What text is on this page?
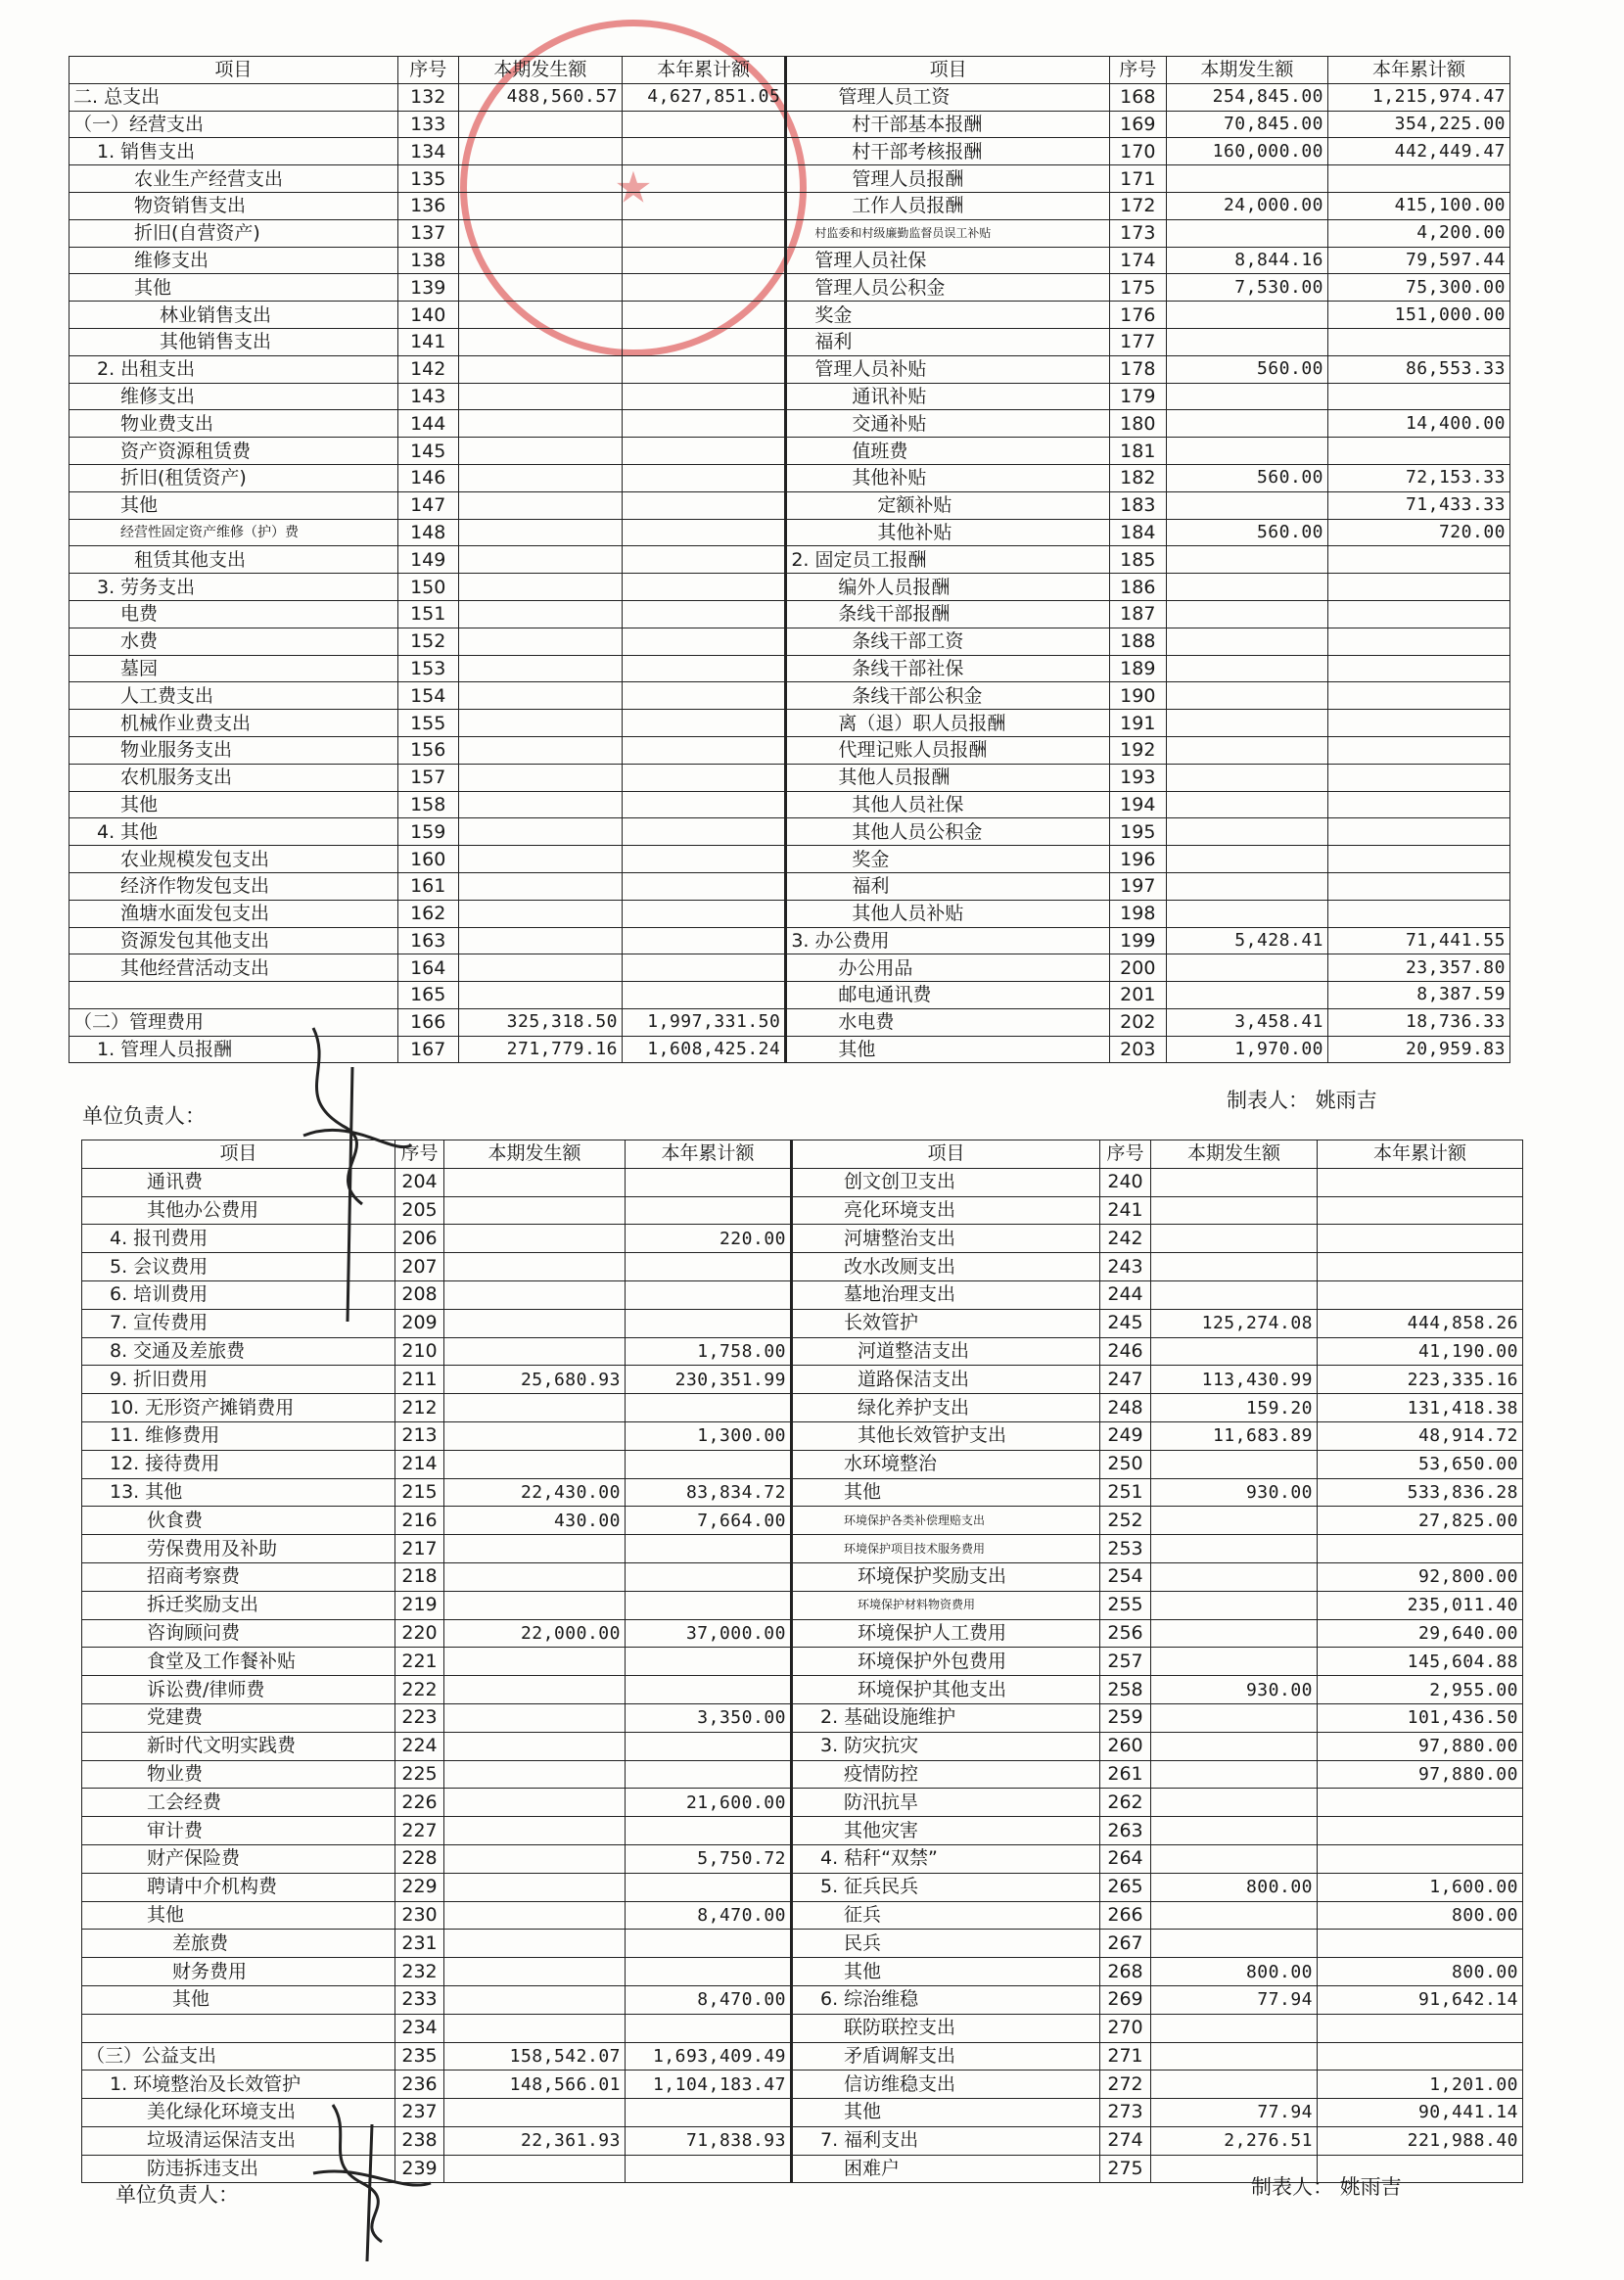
★
项目	序号	本期发生额	本年累计额	项目	序号	本期发生额	本年累计额
二. 总支出	132	488,560.57	4,627,851.05	管理人员工资	168	254,845.00	1,215,974.47
（一）经营支出	133			村干部基本报酬	169	70,845.00	354,225.00
1. 销售支出	134			村干部考核报酬	170	160,000.00	442,449.47
农业生产经营支出	135			管理人员报酬	171		
物资销售支出	136			工作人员报酬	172	24,000.00	415,100.00
折旧(自营资产)	137			村监委和村级廉勤监督员误工补贴	173		4,200.00
维修支出	138			管理人员社保	174	8,844.16	79,597.44
其他	139			管理人员公积金	175	7,530.00	75,300.00
林业销售支出	140			奖金	176		151,000.00
其他销售支出	141			福利	177		
2. 出租支出	142			管理人员补贴	178	560.00	86,553.33
维修支出	143			通讯补贴	179		
物业费支出	144			交通补贴	180		14,400.00
资产资源租赁费	145			值班费	181		
折旧(租赁资产)	146			其他补贴	182	560.00	72,153.33
其他	147			定额补贴	183		71,433.33
经营性固定资产维修（护）费	148			其他补贴	184	560.00	720.00
租赁其他支出	149			2. 固定员工报酬	185		
3. 劳务支出	150			编外人员报酬	186		
电费	151			条线干部报酬	187		
水费	152			条线干部工资	188		
墓园	153			条线干部社保	189		
人工费支出	154			条线干部公积金	190		
机械作业费支出	155			离（退）职人员报酬	191		
物业服务支出	156			代理记账人员报酬	192		
农机服务支出	157			其他人员报酬	193		
其他	158			其他人员社保	194		
4. 其他	159			其他人员公积金	195		
农业规模发包支出	160			奖金	196		
经济作物发包支出	161			福利	197		
渔塘水面发包支出	162			其他人员补贴	198		
资源发包其他支出	163			3. 办公费用	199	5,428.41	71,441.55
其他经营活动支出	164			办公用品	200		23,357.80
	165			邮电通讯费	201		8,387.59
（二）管理费用	166	325,318.50	1,997,331.50	水电费	202	3,458.41	18,736.33
1. 管理人员报酬	167	271,779.16	1,608,425.24	其他	203	1,970.00	20,959.83
单位负责人：
制表人： 姚雨吉
项目	序号	本期发生额	本年累计额	项目	序号	本期发生额	本年累计额
通讯费	204			创文创卫支出	240		
其他办公费用	205			亮化环境支出	241		
4. 报刊费用	206		220.00	河塘整治支出	242		
5. 会议费用	207			改水改厕支出	243		
6. 培训费用	208			墓地治理支出	244		
7. 宣传费用	209			长效管护	245	125,274.08	444,858.26
8. 交通及差旅费	210		1,758.00	河道整洁支出	246		41,190.00
9. 折旧费用	211	25,680.93	230,351.99	道路保洁支出	247	113,430.99	223,335.16
10. 无形资产摊销费用	212			绿化养护支出	248	159.20	131,418.38
11. 维修费用	213		1,300.00	其他长效管护支出	249	11,683.89	48,914.72
12. 接待费用	214			水环境整治	250		53,650.00
13. 其他	215	22,430.00	83,834.72	其他	251	930.00	533,836.28
伙食费	216	430.00	7,664.00	环境保护各类补偿理赔支出	252		27,825.00
劳保费用及补助	217			环境保护项目技术服务费用	253		
招商考察费	218			环境保护奖励支出	254		92,800.00
拆迁奖励支出	219			环境保护材料物资费用	255		235,011.40
咨询顾问费	220	22,000.00	37,000.00	环境保护人工费用	256		29,640.00
食堂及工作餐补贴	221			环境保护外包费用	257		145,604.88
诉讼费/律师费	222			环境保护其他支出	258	930.00	2,955.00
党建费	223		3,350.00	2. 基础设施维护	259		101,436.50
新时代文明实践费	224			3. 防灾抗灾	260		97,880.00
物业费	225			疫情防控	261		97,880.00
工会经费	226		21,600.00	防汛抗旱	262		
审计费	227			其他灾害	263		
财产保险费	228		5,750.72	4. 秸秆“双禁”	264		
聘请中介机构费	229			5. 征兵民兵	265	800.00	1,600.00
其他	230		8,470.00	征兵	266		800.00
差旅费	231			民兵	267		
财务费用	232			其他	268	800.00	800.00
其他	233		8,470.00	6. 综治维稳	269	77.94	91,642.14
	234			联防联控支出	270		
（三）公益支出	235	158,542.07	1,693,409.49	矛盾调解支出	271		
1. 环境整治及长效管护	236	148,566.01	1,104,183.47	信访维稳支出	272		1,201.00
美化绿化环境支出	237			其他	273	77.94	90,441.14
垃圾清运保洁支出	238	22,361.93	71,838.93	7. 福利支出	274	2,276.51	221,988.40
防违拆违支出	239			困难户	275		
单位负责人：	制表人： 姚雨吉
